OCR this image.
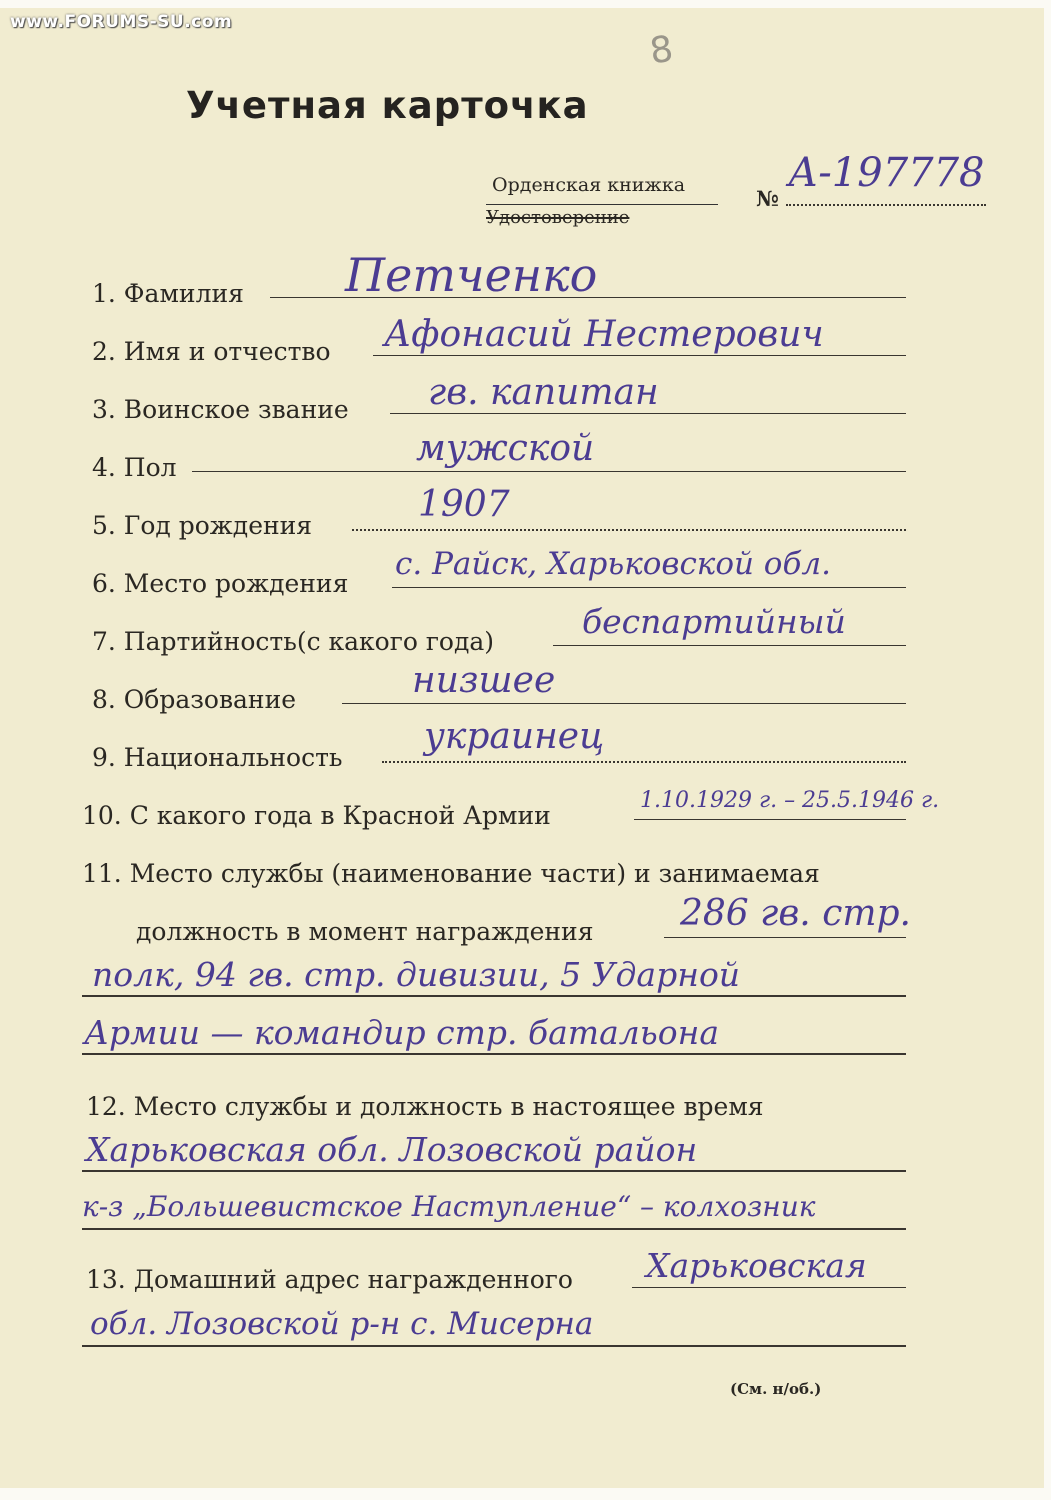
www.FORUMS-SU.com
8
Учетная карточка
Орденская книжка
Удостоверение
№
А-197778
1. Фамилия Петченко
2. Имя и отчество Афонасий Нестерович
3. Воинское звание гв. капитан
4. Пол	мужской
5. Год рождения
1907
6. Место рождения
с. Райск, Харьковской обл.
7. Партийность(с какого года)
беспартийный
8. Образование	низшее
9. Национальность
украинец
10. С какого года в Красной Армии
1.10.1929 г. – 25.5.1946 г.
11. Место службы (наименование части) и занимаемая
должность в момент награждения 286 гв. стр.
полк, 94 гв. стр. дивизии, 5 Ударной
Армии — командир стр. батальона
12. Место службы и должность в настоящее время
Харьковская обл. Лозовской район
к-з „Большевистское Наступление“ – колхозник
13. Домашний адрес награжденного Харьковская
обл. Лозовской р-н с. Мисерна
(См. н/об.)
